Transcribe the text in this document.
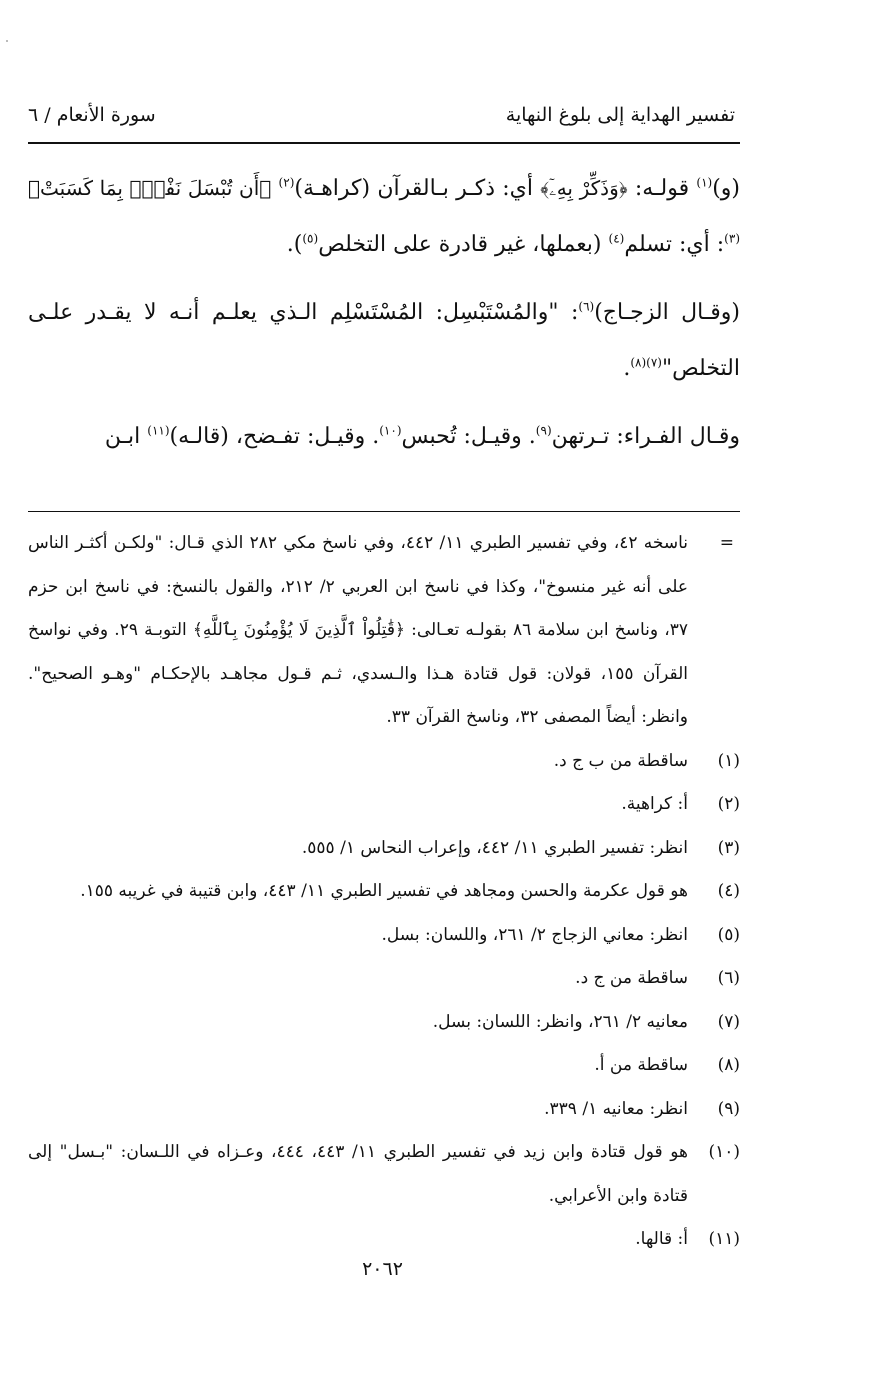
تفسير الهداية إلى بلوغ النهاية
سورة الأنعام / ٦

(و)$^{(١)}$ قولـه: ﴿وَذَكِّرْ بِهِۦٓ﴾ أي: ذكـر بـالقرآن (كراهـة)$^{(٢)}$ ﴿أَن تُبْسَلَ نَفْسُۢ بِمَا كَسَبَتْ﴾$^{(٣)}$: أي: تسلم$^{(٤)}$ (بعملها، غير قادرة على التخلص$^{(٥)}$).

(وقـال الزجـاج)$^{(٦)}$: "والمُسْتَبْسِل: المُسْتَسْلِم الـذي يعلـم أنـه لا يقـدر علـى التخلص"$^{(٧)(٨)}$.

وقـال الفـراء: تـرتهن$^{(٩)}$. وقيـل: تُحبس$^{(١٠)}$. وقيـل: تفـضح، (قالـه)$^{(١١)}$ ابـن

=
ناسخه ٤٢، وفي تفسير الطبري ١١/ ٤٤٢، وفي ناسخ مكي ٢٨٢ الذي قـال: "ولكـن أكثـر الناس على أنه غير منسوخ"، وكذا في ناسخ ابن العربي ٢/ ٢١٢، والقول بالنسخ: في ناسخ ابن حزم ٣٧، وناسخ ابن سلامة ٨٦ بقولـه تعـالى: ﴿قَٰتِلُواْ ٱلَّذِينَ لَا يُؤْمِنُونَ بِٱللَّهِ﴾ التوبـة ٢٩. وفي نواسخ القرآن ١٥٥، قولان: قول قتادة هـذا والـسدي، ثـم قـول مجاهـد بالإحكـام "وهـو الصحيح". وانظر: أيضاً المصفى ٣٢، وناسخ القرآن ٣٣.
(١)
ساقطة من ب ج د.
(٢)
أ: كراهية.
(٣)
انظر: تفسير الطبري ١١/ ٤٤٢، وإعراب النحاس ١/ ٥٥٥.
(٤)
هو قول عكرمة والحسن ومجاهد في تفسير الطبري ١١/ ٤٤٣، وابن قتيبة في غريبه ١٥٥.
(٥)
انظر: معاني الزجاج ٢/ ٢٦١، واللسان: بسل.
(٦)
ساقطة من ج د.
(٧)
معانيه ٢/ ٢٦١، وانظر: اللسان: بسل.
(٨)
ساقطة من أ.
(٩)
انظر: معانيه ١/ ٣٣٩.
(١٠)
هو قول قتادة وابن زيد في تفسير الطبري ١١/ ٤٤٣، ٤٤٤، وعـزاه في اللـسان: "بـسل" إلى قتادة وابن الأعرابي.
(١١)
أ: قالها.
٢٠٦٢
